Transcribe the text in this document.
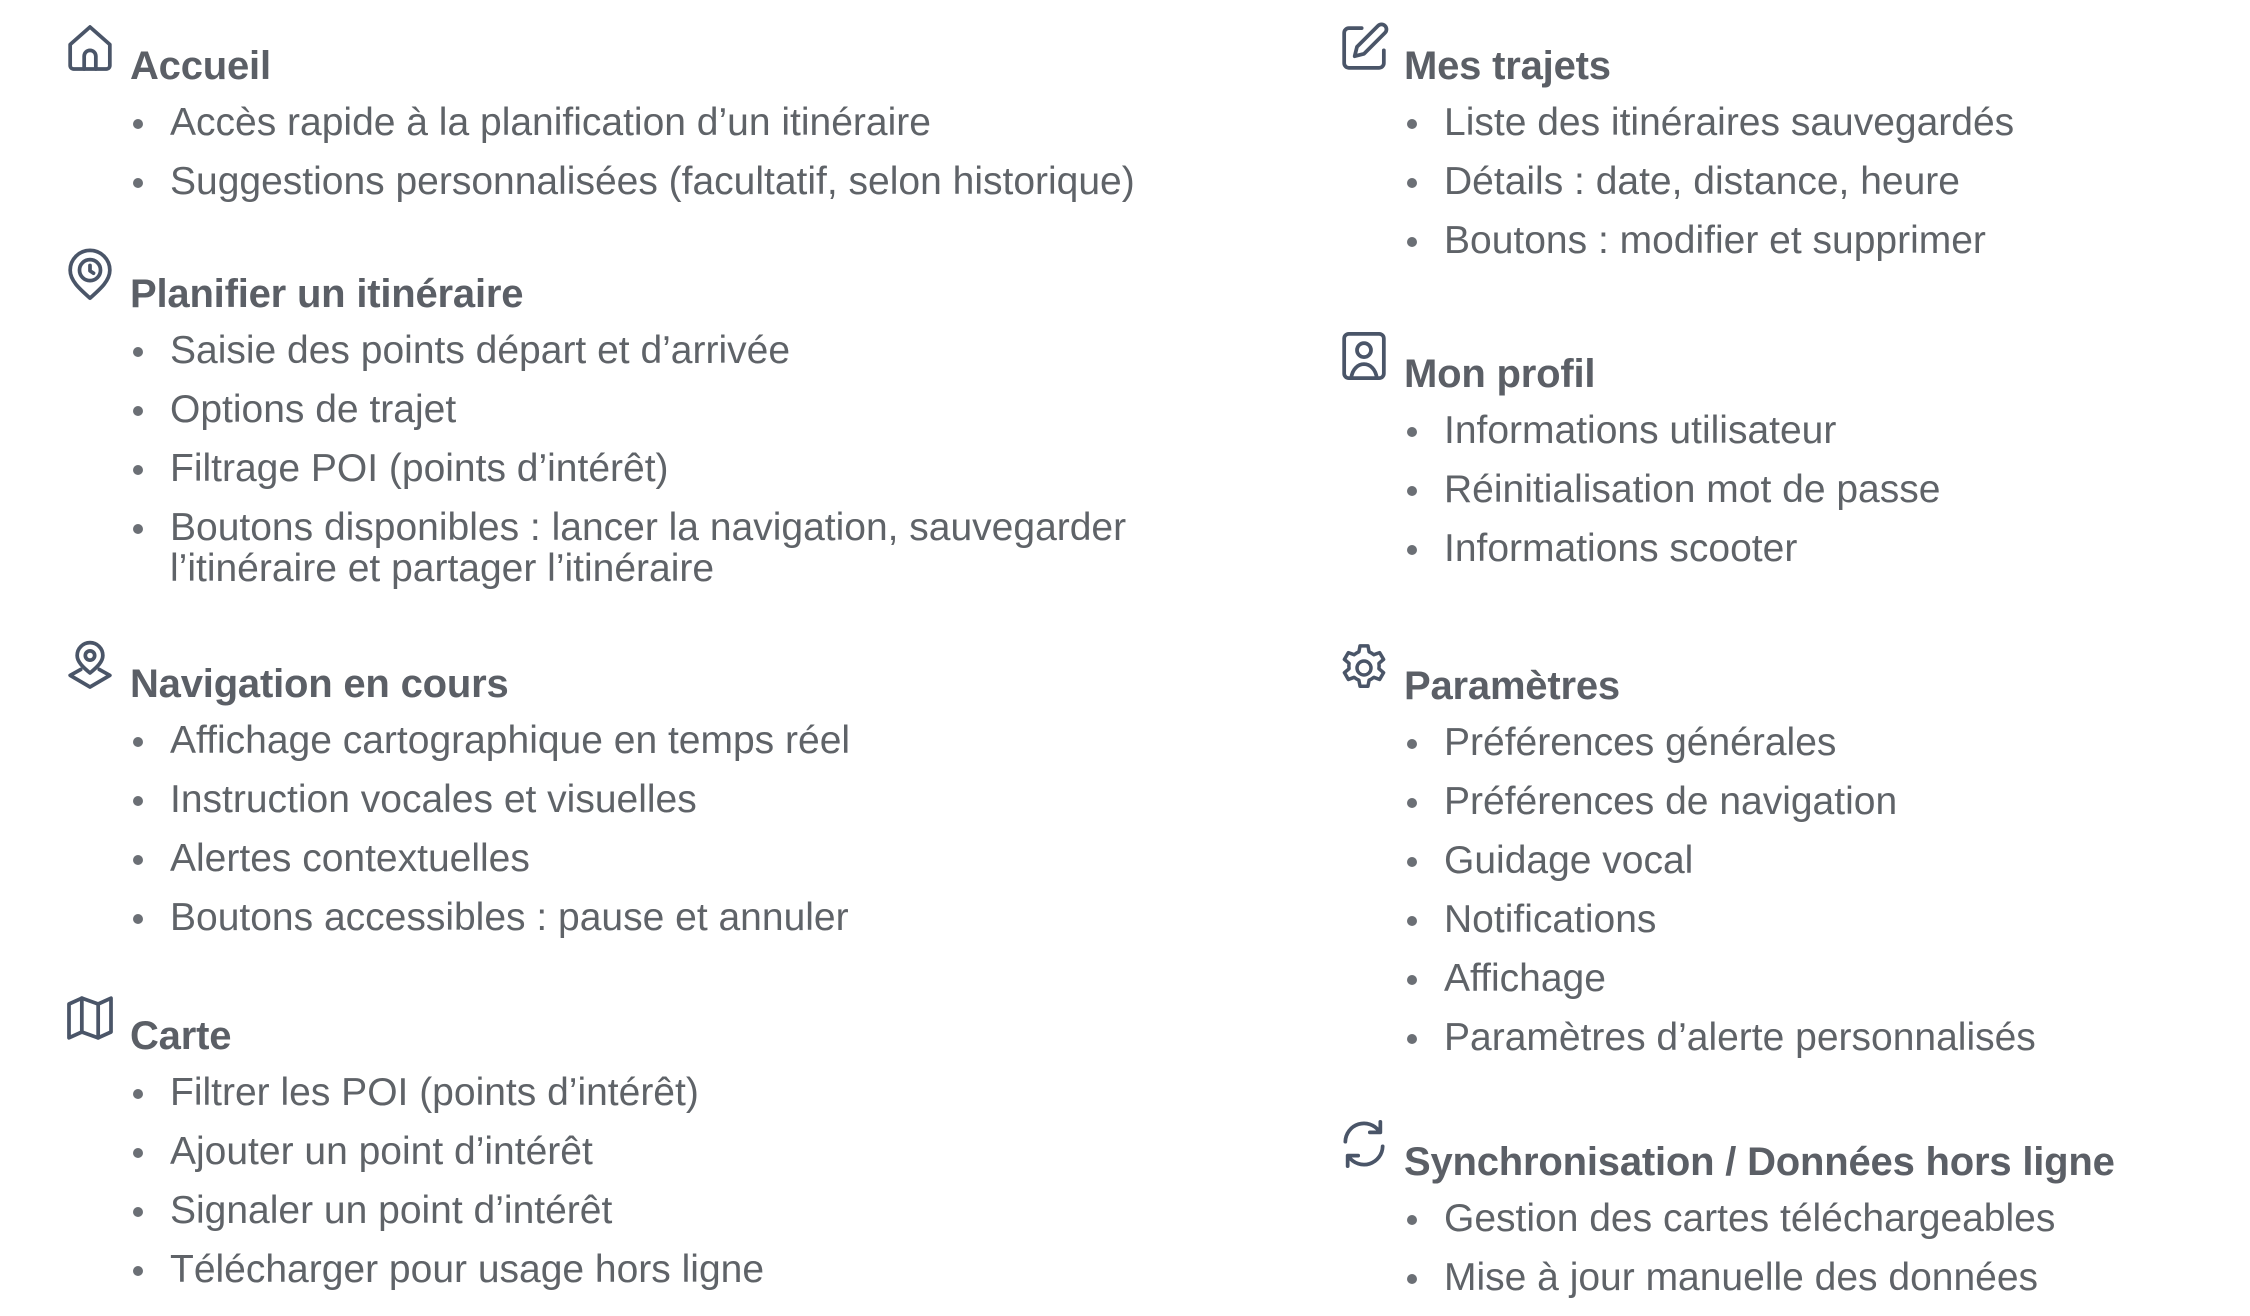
Accueil
Accès rapide à la planification d’un itinéraire
Suggestions personnalisées (facultatif, selon historique)
Planifier un itinéraire
Saisie des points départ et d’arrivée
Options de trajet
Filtrage POI (points d’intérêt)
Boutons disponibles : lancer la navigation, sauvegarder l’itinéraire et partager l’itinéraire
Navigation en cours
Affichage cartographique en temps réel
Instruction vocales et visuelles
Alertes contextuelles
Boutons accessibles : pause et annuler
Carte
Filtrer les POI (points d’intérêt)
Ajouter un point d’intérêt
Signaler un point d’intérêt
Télécharger pour usage hors ligne
Mes trajets
Liste des itinéraires sauvegardés
Détails : date, distance, heure
Boutons : modifier et supprimer
Mon profil
Informations utilisateur
Réinitialisation mot de passe
Informations scooter
Paramètres
Préférences générales
Préférences de navigation
Guidage vocal
Notifications
Affichage
Paramètres d’alerte personnalisés
Synchronisation / Données hors ligne
Gestion des cartes téléchargeables
Mise à jour manuelle des données
